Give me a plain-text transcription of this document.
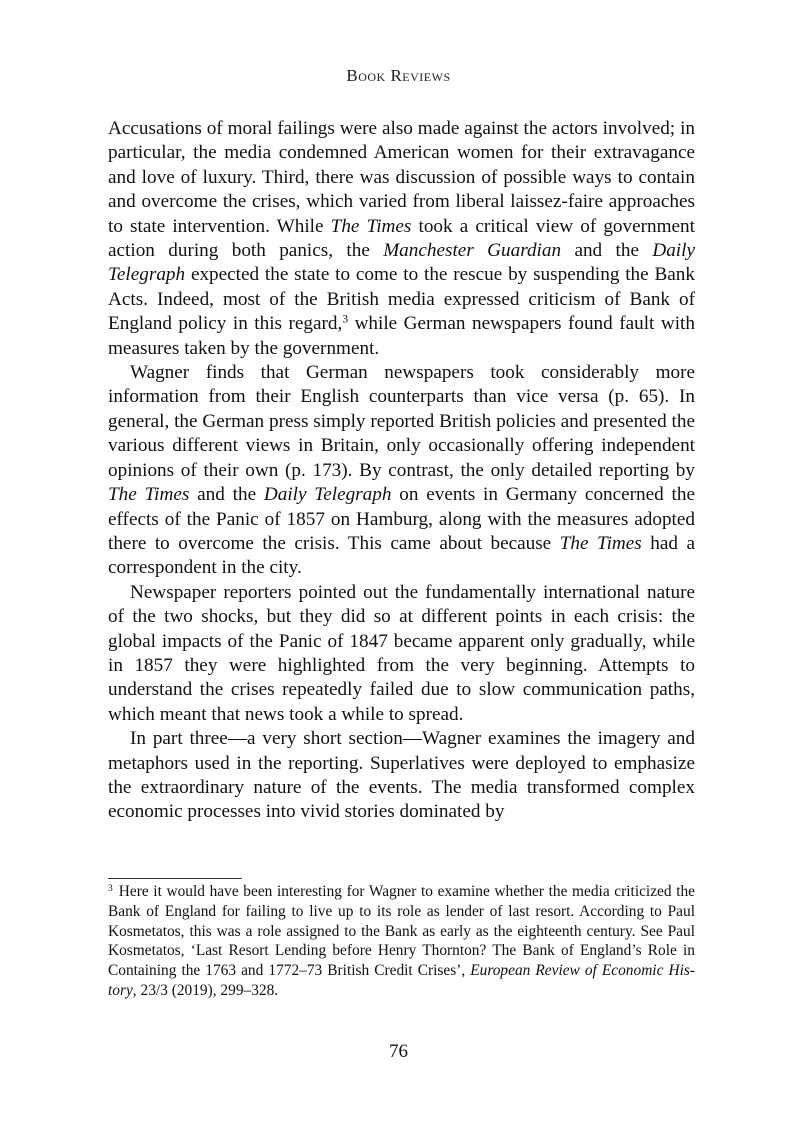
Book Reviews

Accusations of moral failings were also made against the actors involved; in particular, the media condemned American women for their extravagance and love of luxury. Third, there was discussion of possible ways to contain and overcome the crises, which varied from liberal laissez-faire approaches to state intervention. While The Times took a critical view of government action during both panics, the Manchester Guardian and the Daily Telegraph expected the state to come to the rescue by suspending the Bank Acts. Indeed, most of the British media expressed criticism of Bank of England policy in this regard,$^3$ while German newspapers found fault with measures taken by the government.

Wagner finds that German newspapers took considerably more information from their English counterparts than vice versa (p. 65). In general, the German press simply reported British policies and presented the various different views in Britain, only occasionally offering independent opinions of their own (p. 173). By contrast, the only detailed reporting by The Times and the Daily Telegraph on events in Germany concerned the effects of the Panic of 1857 on Hamburg, along with the measures adopted there to overcome the crisis. This came about because The Times had a correspondent in the city.

Newspaper reporters pointed out the fundamentally international nature of the two shocks, but they did so at different points in each crisis: the global impacts of the Panic of 1847 became apparent only gradually, while in 1857 they were highlighted from the very beginning. Attempts to understand the crises repeatedly failed due to slow communication paths, which meant that news took a while to spread.

In part three—a very short section—Wagner examines the imagery and metaphors used in the reporting. Superlatives were deployed to emphasize the extraordinary nature of the events. The media transformed complex economic processes into vivid stories dominated by

$^3$ Here it would have been interesting for Wagner to examine whether the media criticized the Bank of England for failing to live up to its role as lender of last resort. According to Paul Kosmetatos, this was a role assigned to the Bank as early as the eighteenth century. See Paul Kosmetatos, ‘Last Resort Lending before Henry Thornton? The Bank of England’s Role in Containing the 1763 and 1772–73 British Credit Crises’, European Review of Economic History, 23/3 (2019), 299–328.

76
